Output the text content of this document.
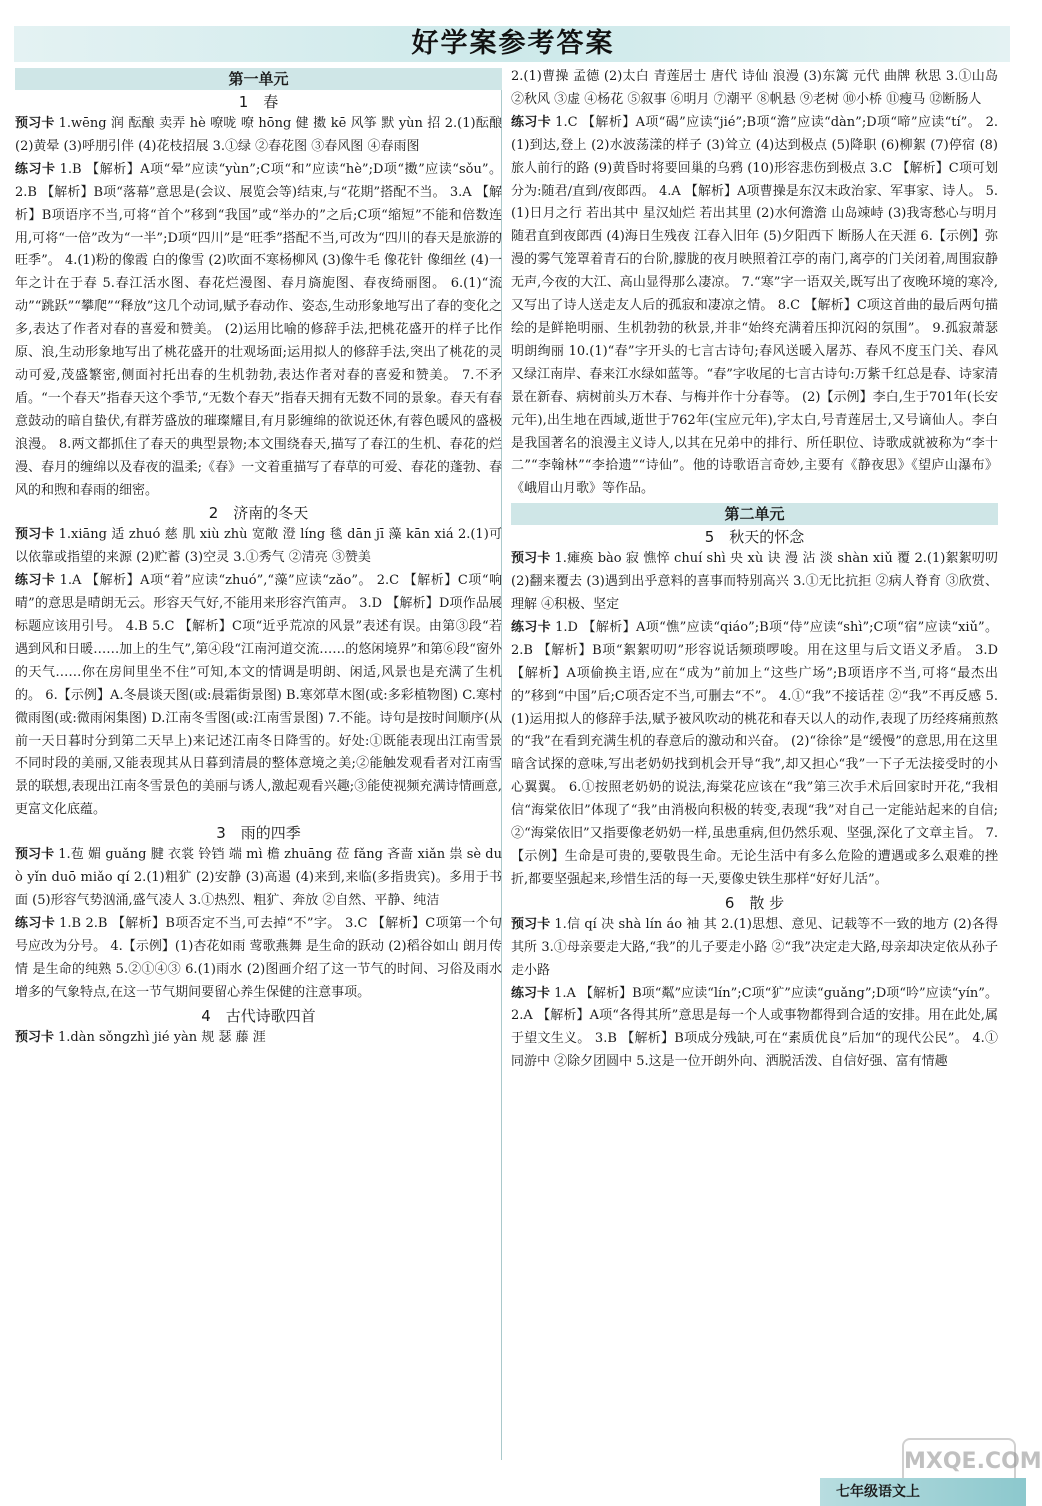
好学案参考答案
第一单元
1　春

预习卡 1.wēng 润 酝酿 卖弄 hè 嘹咙 嘹 hōng 健 擞 kē 风筝 默 yùn 招 2.(1)酝酿 (2)黄晕 (3)呼朋引伴 (4)花枝招展 3.①绿 ②春花图 ③春风图 ④春雨图

练习卡 1.B 【解析】A项“晕”应读“yùn”;C项“和”应读“hè”;D项“擞”应读“sǒu”。 2.B 【解析】B项“落幕”意思是(会议、展览会等)结束,与“花期”搭配不当。 3.A 【解析】B项语序不当,可将“首个”移到“我国”或“举办的”之后;C项“缩短”不能和倍数连用,可将“一倍”改为“一半”;D项“四川”是“旺季”搭配不当,可改为“四川的春天是旅游的旺季”。 4.(1)粉的像霞 白的像雪 (2)吹面不寒杨柳风 (3)像牛毛 像花针 像细丝 (4)一年之计在于春 5.春江活水图、春花烂漫图、春月旖旎图、春夜绮丽图。 6.(1)“流动”“跳跃”“攀爬”“释放”这几个动词,赋予春动作、姿态,生动形象地写出了春的变化之多,表达了作者对春的喜爱和赞美。 (2)运用比喻的修辞手法,把桃花盛开的样子比作原、浪,生动形象地写出了桃花盛开的壮观场面;运用拟人的修辞手法,突出了桃花的灵动可爱,茂盛繁密,侧面衬托出春的生机勃勃,表达作者对春的喜爱和赞美。 7.不矛盾。“一个春天”指春天这个季节,“无数个春天”指春天拥有无数不同的景象。春天有春意鼓动的暗自蛰伏,有群芳盛放的璀璨耀目,有月影缠绵的欲说还休,有蓉色暖风的盛极浪漫。 8.两文都抓住了春天的典型景物;本文围绕春天,描写了春江的生机、春花的烂漫、春月的缠绵以及春夜的温柔;《春》一文着重描写了春草的可爱、春花的蓬勃、春风的和煦和春雨的细密。

2　济南的冬天

预习卡 1.xiāng 适 zhuó 慈 肌 xiù zhù 宽敞 澄 líng 毯 dān jī 藻 kān xiá 2.(1)可以依靠或指望的来源 (2)贮蓄 (3)空灵 3.①秀气 ②清亮 ③赞美

练习卡 1.A 【解析】A项“着”应读“zhuó”,“藻”应读“zǎo”。 2.C 【解析】C项“响晴”的意思是晴朗无云。形容天气好,不能用来形容汽笛声。 3.D 【解析】D项作品展标题应该用引号。 4.B 5.C 【解析】C项“近乎荒凉的风景”表述有误。由第③段“若遇到风和日暖……加上的生气”,第④段“江南河道交流……的悠闲境界”和第⑥段“窗外的天气……你在房间里坐不住”可知,本文的情调是明朗、闲适,风景也是充满了生机的。 6.【示例】A.冬晨谈天图(或:晨霜街景图) B.寒郊草木图(或:多彩植物图) C.寒村微雨图(或:微雨闲集图) D.江南冬雪图(或:江南雪景图) 7.不能。诗句是按时间顺序(从前一天日暮时分到第二天早上)来记述江南冬日降雪的。好处:①既能表现出江南雪景不同时段的美丽,又能表现其从日暮到清晨的整体意境之美;②能触发观看者对江南雪景的联想,表现出江南冬雪景色的美丽与诱人,激起观看兴趣;③能使视频充满诗情画意,更富文化底蕴。

3　雨的四季

预习卡 1.苞 媚 guǎng 腱 衣裳 铃铛 端 mì 檐 zhuāng 莅 fǎng 吝啬 xiǎn 祟 sè duò yǐn duō miǎo qí 2.(1)粗犷 (2)安静 (3)高遏 (4)来到,来临(多指贵宾)。多用于书面 (5)形容气势汹涌,盛气凌人 3.①热烈、粗犷、奔放 ②自然、平静、纯洁

练习卡 1.B 2.B 【解析】B项否定不当,可去掉“不”字。 3.C 【解析】C项第一个句号应改为分号。 4.【示例】(1)杏花如雨 莺歌燕舞 是生命的跃动 (2)稻谷如山 朗月传情 是生命的纯熟 5.②①④③ 6.(1)雨水 (2)图画介绍了这一节气的时间、习俗及雨水增多的气象特点,在这一节气期间要留心养生保健的注意事项。

4　古代诗歌四首

预习卡 1.dàn sǒngzhì jié yàn 规 瑟 藤 涯

2.(1)曹操 孟德 (2)太白 青莲居士 唐代 诗仙 浪漫 (3)东篱 元代 曲牌 秋思 3.①山岛 ②秋风 ③虚 ④杨花 ⑤叙事 ⑥明月 ⑦潮平 ⑧帆悬 ⑨老树 ⑩小桥 ⑪瘦马 ⑫断肠人

练习卡 1.C 【解析】A项“碣”应读“jié”;B项“澹”应读“dàn”;D项“啼”应读“tí”。 2.(1)到达,登上 (2)水波荡漾的样子 (3)耸立 (4)达到极点 (5)降职 (6)柳絮 (7)停宿 (8)旅人前行的路 (9)黄昏时将要回巢的乌鸦 (10)形容悲伤到极点 3.C 【解析】C项可划分为:随君/直到/夜郎西。 4.A 【解析】A项曹操是东汉末政治家、军事家、诗人。 5.(1)日月之行 若出其中 星汉灿烂 若出其里 (2)水何澹澹 山岛竦峙 (3)我寄愁心与明月 随君直到夜郎西 (4)海日生残夜 江春入旧年 (5)夕阳西下 断肠人在天涯 6.【示例】弥漫的雾气笼罩着青石的台阶,朦胧的夜月映照着江亭的南门,离亭的门关闭着,周围寂静无声,今夜的大江、高山显得那么凄凉。 7.“寒”字一语双关,既写出了夜晚环境的寒冷,又写出了诗人送走友人后的孤寂和凄凉之情。 8.C 【解析】C项这首曲的最后两句描绘的是鲜艳明丽、生机勃勃的秋景,并非“始终充满着压抑沉闷的氛围”。 9.孤寂萧瑟 明朗绚丽 10.(1)“春”字开头的七言古诗句;春风送暖入屠苏、春风不度玉门关、春风又绿江南岸、春来江水绿如蓝等。“春”字收尾的七言古诗句:万紫千红总是春、诗家清景在新春、病树前头万木春、与梅并作十分春等。 (2)【示例】李白,生于701年(长安元年),出生地在西域,逝世于762年(宝应元年),字太白,号青莲居士,又号谪仙人。李白是我国著名的浪漫主义诗人,以其在兄弟中的排行、所任职位、诗歌成就被称为“李十二”“李翰林”“李拾遗”“诗仙”。他的诗歌语言奇妙,主要有《静夜思》《望庐山瀑布》《峨眉山月歌》等作品。

第二单元
5　秋天的怀念

预习卡 1.瘫痪 bào 寂 憔悴 chuí shì 央 xù 诀 漫 沾 淡 shàn xiǔ 覆 2.(1)絮絮叨叨 (2)翻来覆去 (3)遇到出乎意料的喜事而特别高兴 3.①无比抗拒 ②病人脊育 ③欣赏、理解 ④积极、坚定

练习卡 1.D 【解析】A项“憔”应读“qiáo”;B项“侍”应读“shì”;C项“宿”应读“xiǔ”。 2.B 【解析】B项“絮絮叨叨”形容说话频琐啰唆。用在这里与后文语义矛盾。 3.D 【解析】A项偷换主语,应在“成为”前加上“这些广场”;B项语序不当,可将“最杰出的”移到“中国”后;C项否定不当,可删去“不”。 4.①“我”不接话茬 ②“我”不再反感 5.(1)运用拟人的修辞手法,赋予被风吹动的桃花和春天以人的动作,表现了历经疼痛煎熬的“我”在看到充满生机的春意后的激动和兴奋。 (2)“徐徐”是“缓慢”的意思,用在这里暗含试探的意味,写出老奶奶找到机会开导“我”,却又担心“我”一下子无法接受时的小心翼翼。 6.①按照老奶奶的说法,海棠花应该在“我”第三次手术后回家时开花,“我相信“海棠依旧”体现了“我”由消极向积极的转变,表现“我”对自己一定能站起来的自信;②“海棠依旧”又指要像老奶奶一样,虽患重病,但仍然乐观、坚强,深化了文章主旨。 7.【示例】生命是可贵的,要敬畏生命。无论生活中有多么危险的遭遇或多么艰难的挫折,都要坚强起来,珍惜生活的每一天,要像史铁生那样“好好儿活”。

6　散 步

预习卡 1.信 qí 决 shà lín áo 袖 其 2.(1)思想、意见、记载等不一致的地方 (2)各得其所 3.①母亲要走大路,“我”的儿子要走小路 ②“我”决定走大路,母亲却决定依从孙子走小路

练习卡 1.A 【解析】B项“粼”应读“lín”;C项“犷”应读“guǎng”;D项“吟”应读“yín”。 2.A 【解析】A项“各得其所”意思是每一个人或事物都得到合适的安排。用在此处,属于望文生义。 3.B 【解析】B项成分残缺,可在“素质优良”后加“的现代公民”。 4.①同游中 ②除夕团圆中 5.这是一位开朗外向、洒脱活泼、自信好强、富有情趣

MXQE.COM
七年级语文上
